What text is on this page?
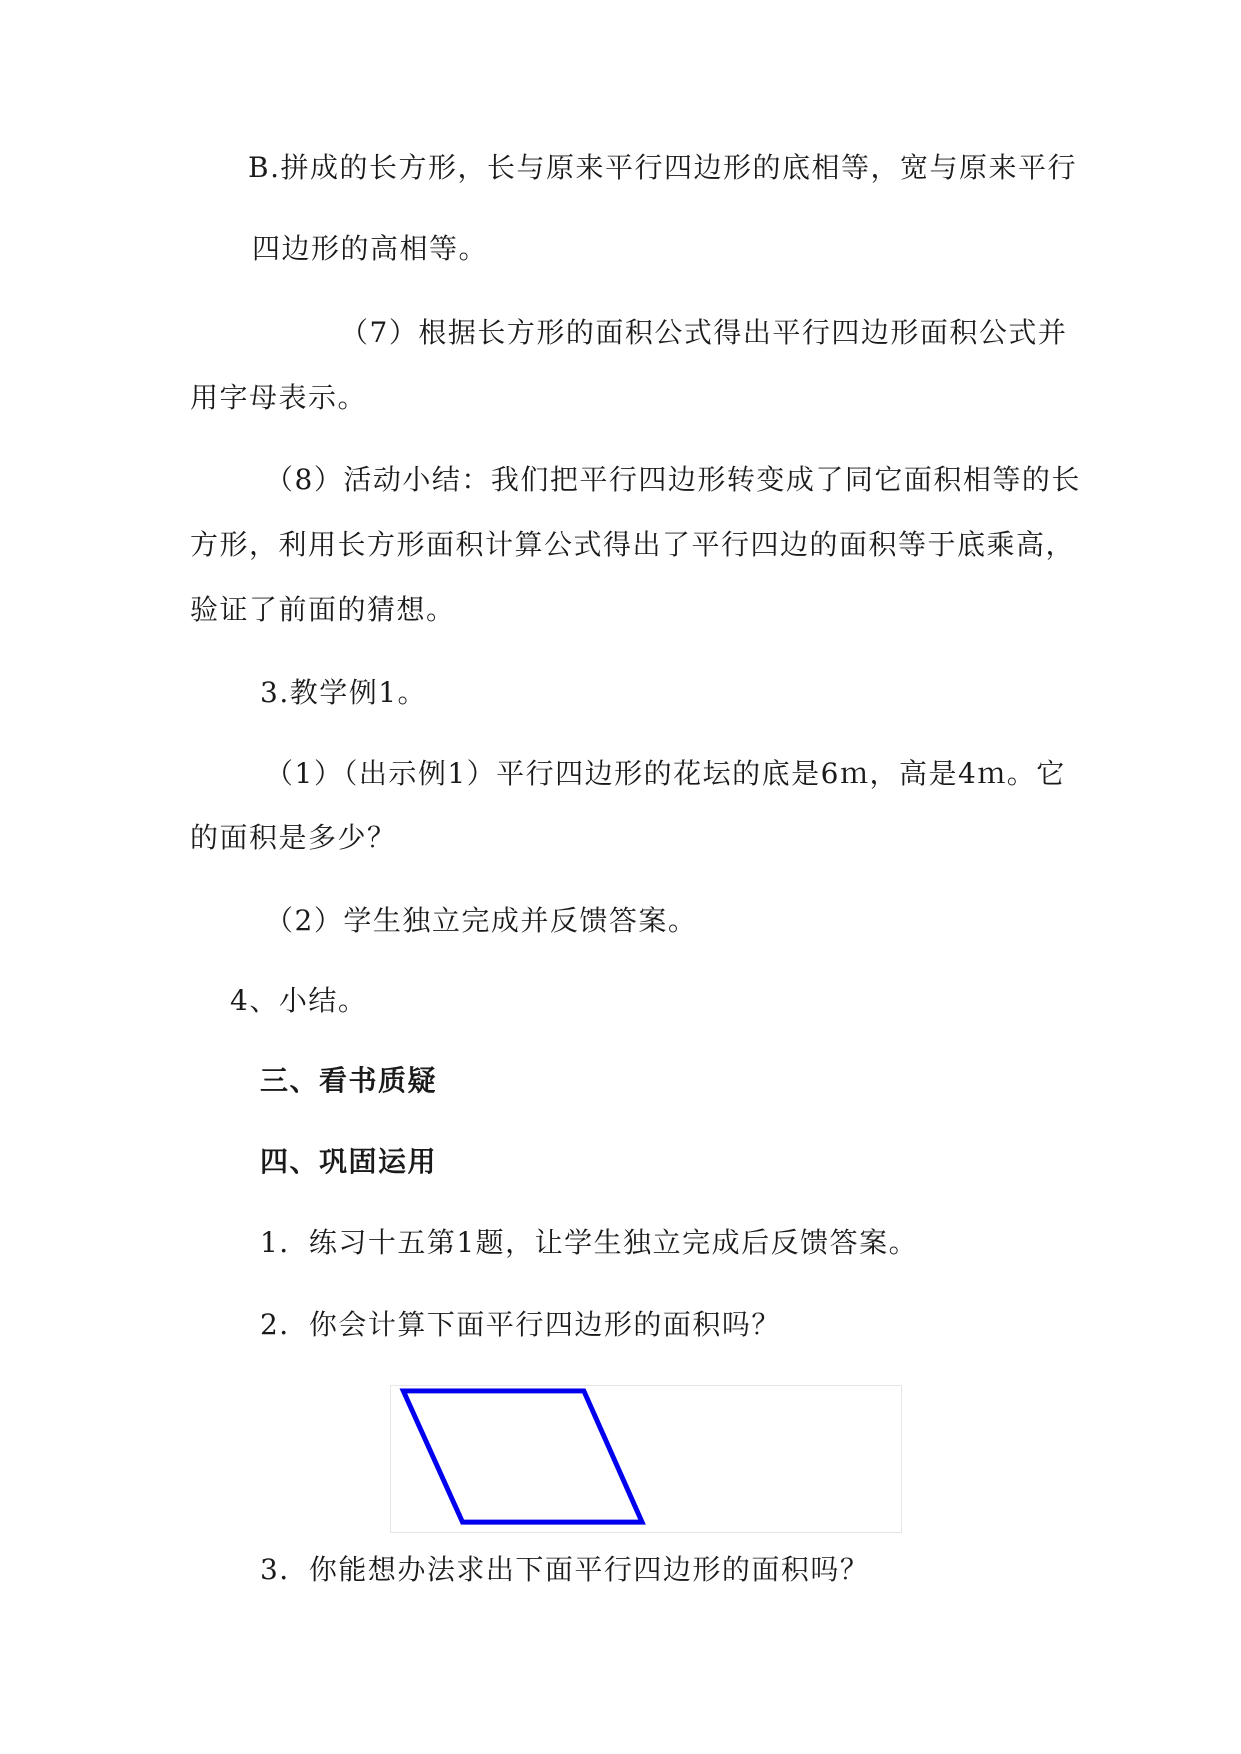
B.拼成的长方形，长与原来平行四边形的底相等，宽与原来平行
四边形的高相等。
（7）根据长方形的面积公式得出平行四边形面积公式并
用字母表示。
（8）活动小结：我们把平行四边形转变成了同它面积相等的长
方形，利用长方形面积计算公式得出了平行四边的面积等于底乘高，
验证了前面的猜想。
3.教学例1。
（1）（出示例1）平行四边形的花坛的底是6ｍ，高是4ｍ。它
的面积是多少？
（2）学生独立完成并反馈答案。
4、小结。
三、看书质疑
四、巩固运用
1．练习十五第1题，让学生独立完成后反馈答案。
2．你会计算下面平行四边形的面积吗？
3．你能想办法求出下面平行四边形的面积吗？
